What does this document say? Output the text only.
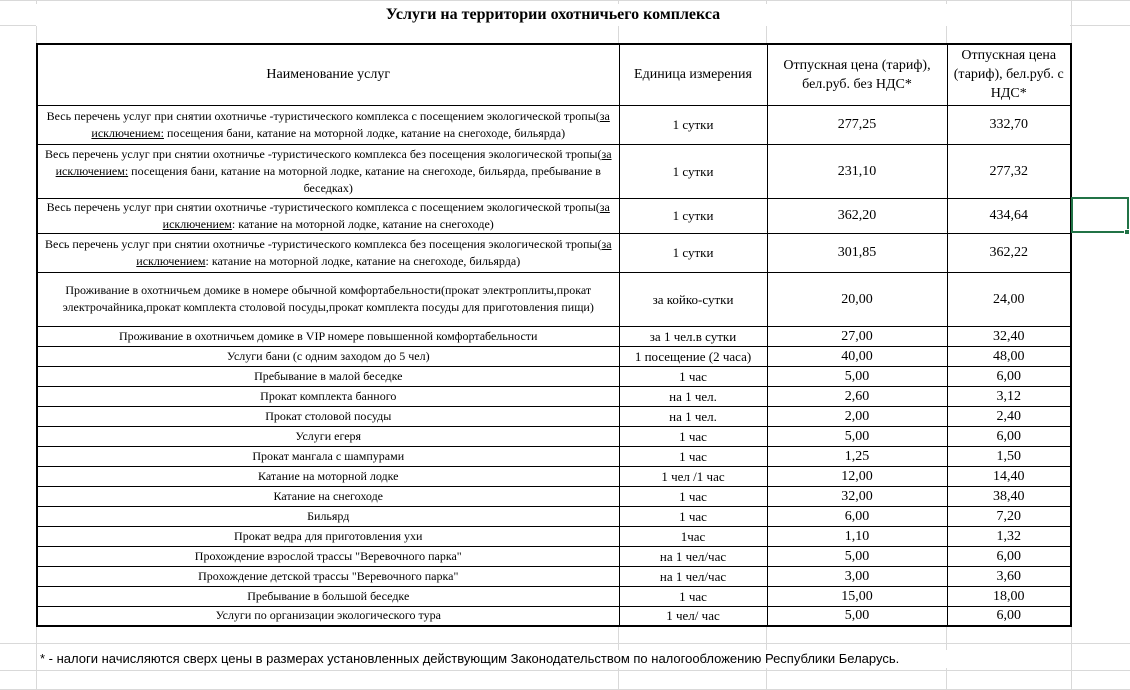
Услуги на территории охотничьего комплекса
Наименование услуг	Единица измерения	Отпускная цена (тариф), бел.руб. без НДС*	Отпускная цена (тариф), бел.руб. с НДС*
Весь перечень услуг при снятии охотничье -туристического комплекса с посещением экологической тропы(за исключением: посещения бани, катание на моторной лодке, катание на снегоходе, бильярда)	1 сутки	277,25	332,70
Весь перечень услуг при снятии охотничье -туристического комплекса без посещения экологической тропы(за исключением: посещения бани, катание на моторной лодке, катание на снегоходе, бильярда, пребывание в беседках)	1 сутки	231,10	277,32
Весь перечень услуг при снятии охотничье -туристического комплекса с посещением экологической тропы(за исключением: катание на моторной лодке, катание на снегоходе)	1 сутки	362,20	434,64
Весь перечень услуг при снятии охотничье -туристического комплекса без посещения экологической тропы(за исключением: катание на моторной лодке, катание на снегоходе, бильярда)	1 сутки	301,85	362,22
Проживание в охотничьем домике в номере обычной комфортабельности(прокат электроплиты,прокат электрочайника,прокат комплекта столовой посуды,прокат комплекта посуды для приготовления пищи)	за койко-сутки	20,00	24,00
Проживание в охотничьем домике в VIP номере повышенной комфортабельности	за 1 чел.в сутки	27,00	32,40
Услуги бани (с одним заходом до 5 чел)	1 посещение (2 часа)	40,00	48,00
Пребывание в малой беседке	1 час	5,00	6,00
Прокат комплекта банного	на 1 чел.	2,60	3,12
Прокат столовой посуды	на 1 чел.	2,00	2,40
Услуги егеря	1 час	5,00	6,00
Прокат мангала с шампурами	1 час	1,25	1,50
Катание на моторной лодке	1 чел /1 час	12,00	14,40
Катание на снегоходе	1 час	32,00	38,40
Бильярд	1 час	6,00	7,20
Прокат ведра для приготовления ухи	1час	1,10	1,32
Прохождение взрослой трассы "Веревочного парка"	на 1 чел/час	5,00	6,00
Прохождение детской трассы "Веревочного парка"	на 1 чел/час	3,00	3,60
Пребывание в большой беседке	1 час	15,00	18,00
Услуги по организации экологического тура	1 чел/ час	5,00	6,00
* - налоги начисляются сверх цены в размерах установленных действующим Законодательством по налогообложению Республики Беларусь.
